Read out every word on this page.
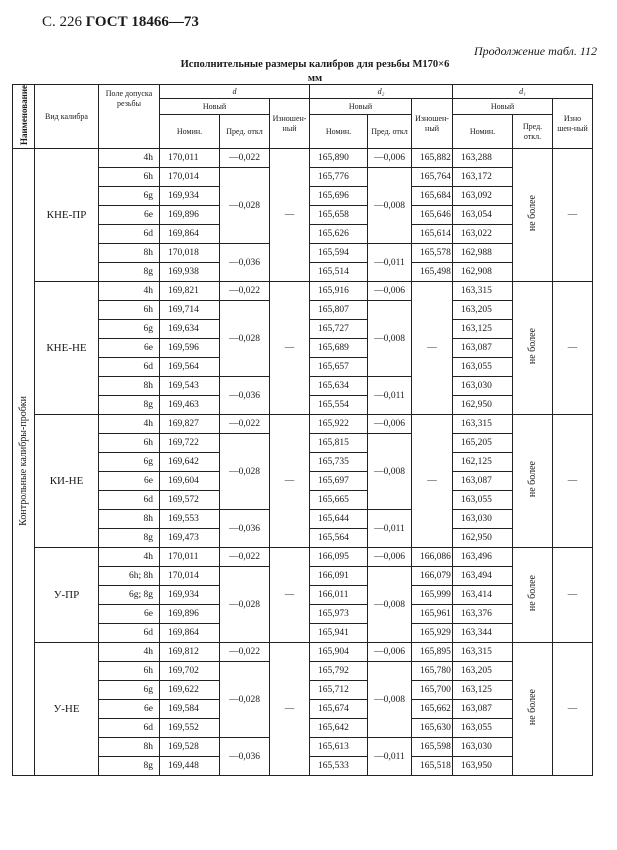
С. 226 ГОСТ 18466—73
Продолжение табл. 112
Исполнительные размеры калибров для резьбы М170×6
мм
Наименование	Вид калибра	Поле допуска резьбы	d			d₂			d₁		
			Новый		Изношен-ный	Новый		Изношен-ный	Новый		Изно шен-ный
			Номин.	Пред. откл		Номин.	Пред. откл		Номин.	Пред. откл.	
Контрольные калибры-пробки	КНЕ-ПР	4h	170,011	—0,022	—	165,890	—0,006	165,882	163,288	не более	—
		6h	170,014	—0,028		165,776	—0,008	165,764	163,172		
		6g	169,934			165,696		165,684	163,092		
		6e	169,896			165,658		165,646	163,054		
		6d	169,864			165,626		165,614	163,022		
		8h	170,018	—0,036		165,594	—0,011	165,578	162,988		
		8g	169,938			165,514		165,498	162,908		
	КНЕ-НЕ	4h	169,821	—0,022	—	165,916	—0,006	—	163,315	не более	—
		6h	169,714	—0,028		165,807	—0,008		163,205		
		6g	169,634			165,727			163,125		
		6e	169,596			165,689			163,087		
		6d	169,564			165,657			163,055		
		8h	169,543	—0,036		165,634	—0,011		163,030		
		8g	169,463			165,554			162,950		
	КИ-НЕ	4h	169,827	—0,022	—	165,922	—0,006	—	163,315	не более	—
		6h	169,722	—0,028		165,815	—0,008		165,205		
		6g	169,642			165,735			162,125		
		6e	169,604			165,697			163,087		
		6d	169,572			165,665			163,055		
		8h	169,553	—0,036		165,644	—0,011		163,030		
		8g	169,473			165,564			162,950		
	У-ПР	4h	170,011	—0,022	—	166,095	—0,006	166,086	163,496	не более	—
		6h; 8h	170,014	—0,028		166,091	—0,008	166,079	163,494		
		6g; 8g	169,934			166,011		165,999	163,414		
		6e	169,896			165,973		165,961	163,376		
		6d	169,864			165,941		165,929	163,344		
	У-НЕ	4h	169,812	—0,022	—	165,904	—0,006	165,895	163,315	не более	—
		6h	169,702	—0,028		165,792	—0,008	165,780	163,205		
		6g	169,622			165,712		165,700	163,125		
		6e	169,584			165,674		165,662	163,087		
		6d	169,552			165,642		165,630	163,055		
		8h	169,528	—0,036		165,613	—0,011	165,598	163,030		
		8g	169,448			165,533		165,518	163,950		
